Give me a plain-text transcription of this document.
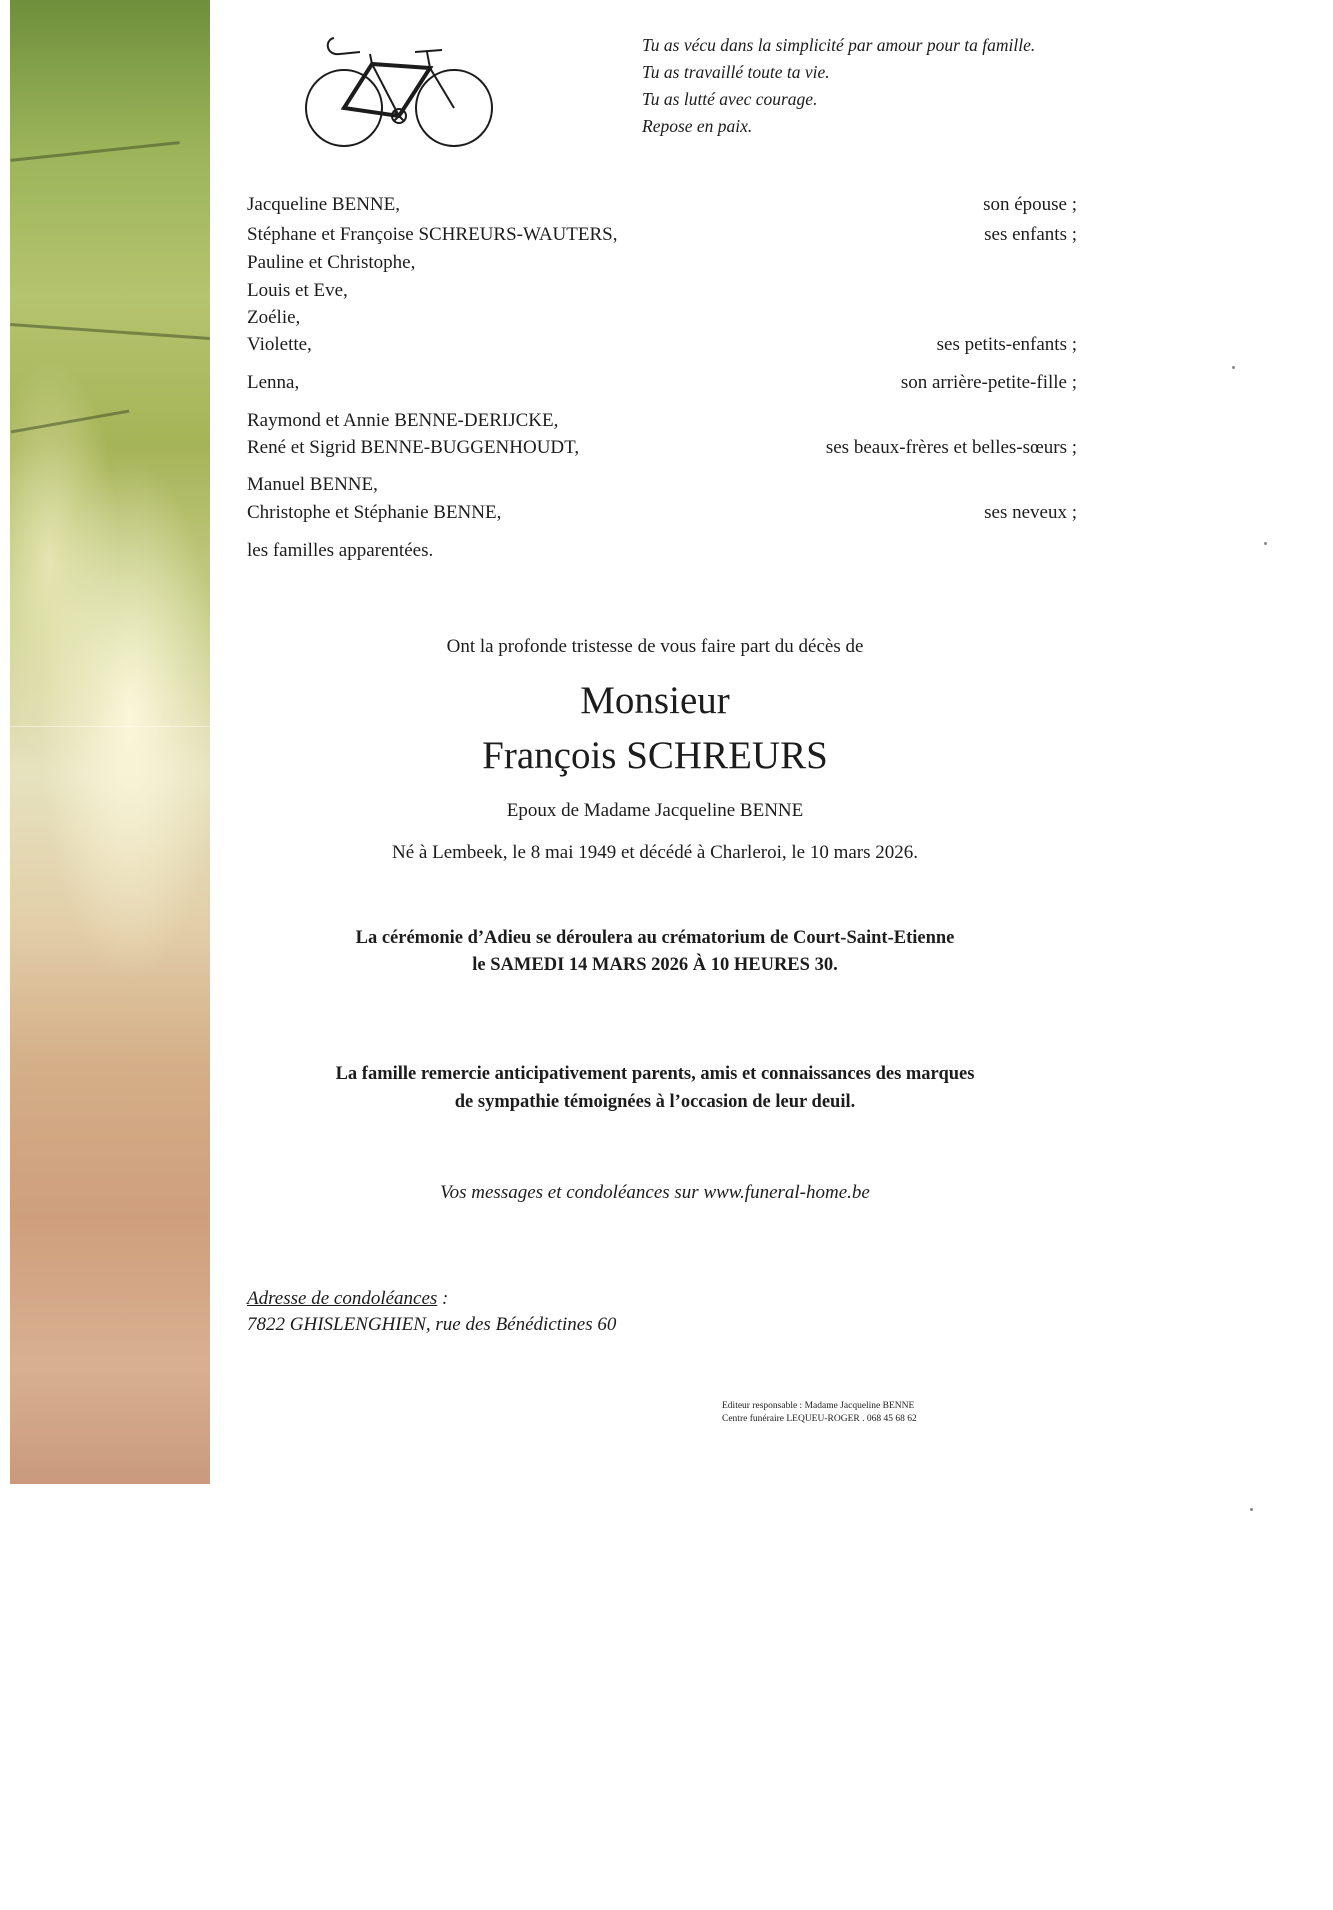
Tu as vécu dans la simplicité par amour pour ta famille.
Tu as travaillé toute ta vie.
Tu as lutté avec courage.
Repose en paix.
Jacqueline BENNE,	son épouse ;
Stéphane et Françoise SCHREURS-WAUTERS,	ses enfants ;
Pauline et Christophe,
Louis et Eve,
Zoélie,
Violette,	ses petits-enfants ;
Lenna,	son arrière-petite-fille ;
Raymond et Annie BENNE-DERIJCKE,
René et Sigrid BENNE-BUGGENHOUDT,	ses beaux-frères et belles-sœurs ;
Manuel BENNE,
Christophe et Stéphanie BENNE,	ses neveux ;
les familles apparentées.
Ont la profonde tristesse de vous faire part du décès de
Monsieur
François SCHREURS
Epoux de Madame Jacqueline BENNE
Né à Lembeek, le 8 mai 1949 et décédé à Charleroi, le 10 mars 2026.
La cérémonie d’Adieu se déroulera au crématorium de Court-Saint-Etienne
le SAMEDI 14 MARS 2026 À 10 HEURES 30.
La famille remercie anticipativement parents, amis et connaissances des marques
de sympathie témoignées à l’occasion de leur deuil.
Vos messages et condoléances sur www.funeral-home.be
Adresse de condoléances :
7822 GHISLENGHIEN, rue des Bénédictines 60
Editeur responsable : Madame Jacqueline BENNE
Centre funéraire LEQUEU-ROGER . 068 45 68 62
